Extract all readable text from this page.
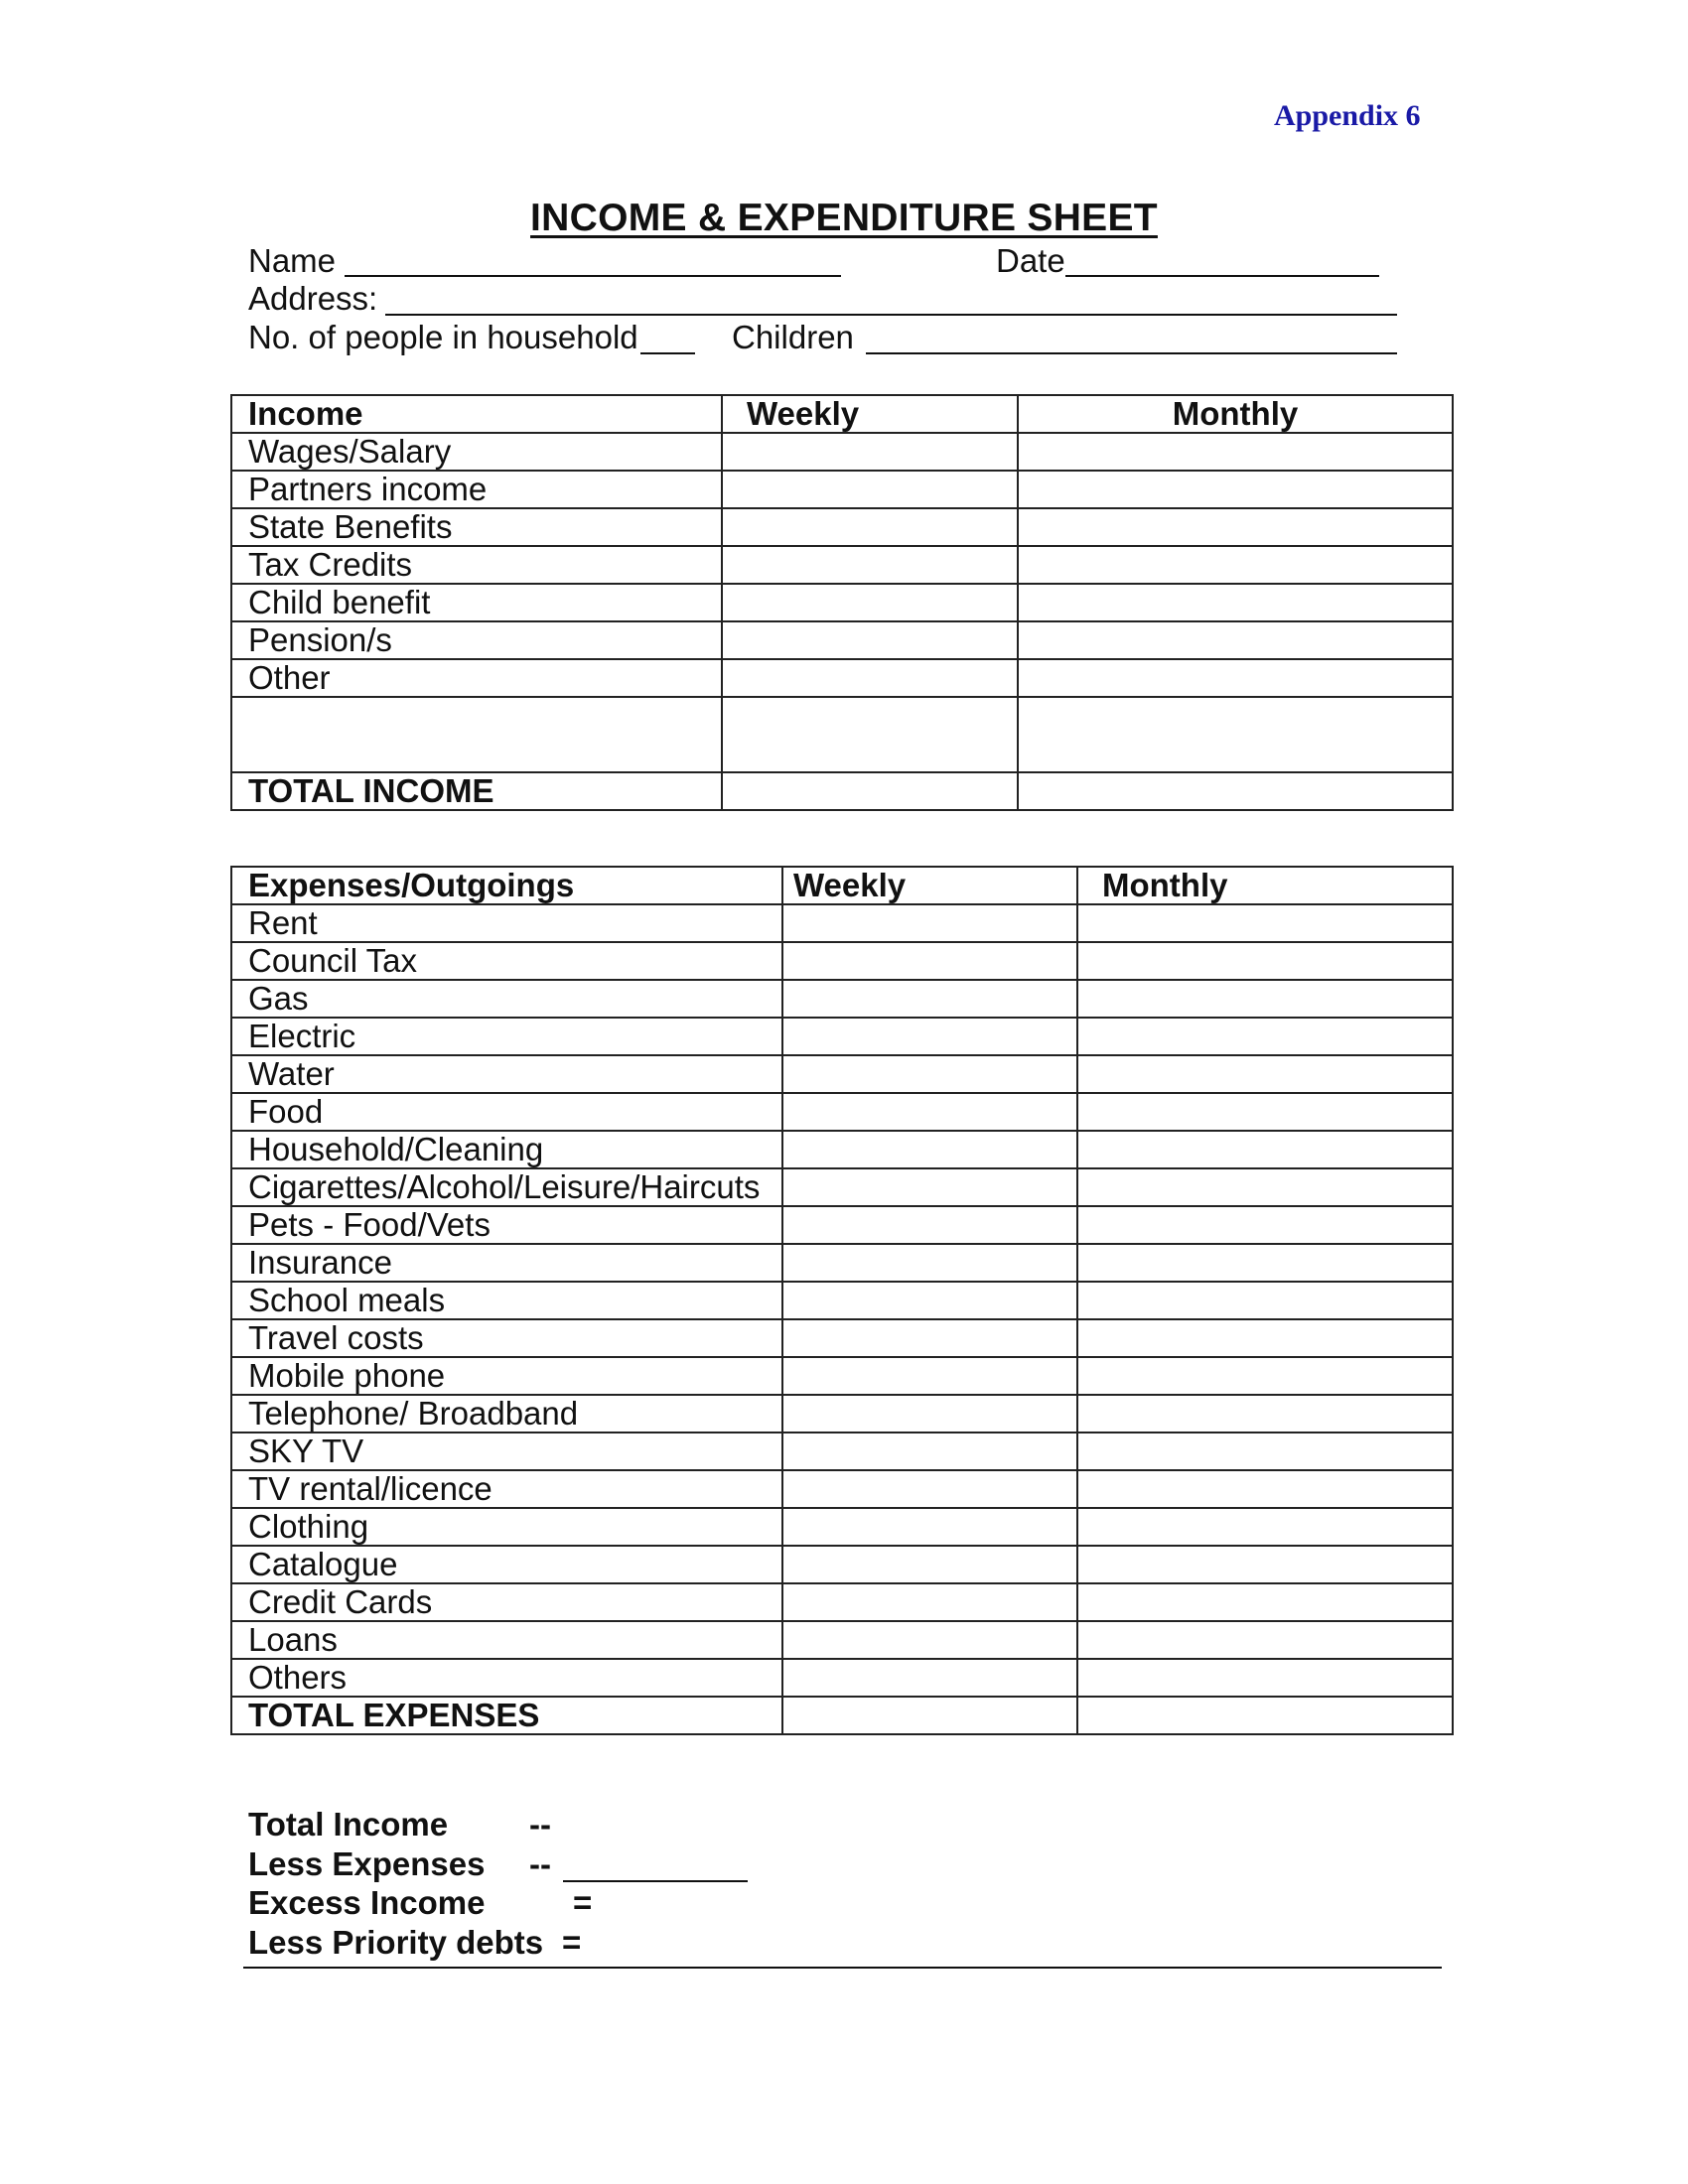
Appendix 6
INCOME & EXPENDITURE SHEET
Name	Date
Address:
No. of people in household	Children
Income	Weekly	Monthly
Wages/Salary		
Partners income		
State Benefits		
Tax Credits		
Child benefit		
Pension/s		
Other		

TOTAL INCOME		
Expenses/Outgoings	Weekly	Monthly
Rent		
Council Tax		
Gas		
Electric		
Water		
Food		
Household/Cleaning		
Cigarettes/Alcohol/Leisure/Haircuts		
Pets - Food/Vets		
Insurance		
School meals		
Travel costs		
Mobile phone		
Telephone/ Broadband		
SKY TV		
TV rental/licence		
Clothing		
Catalogue		
Credit Cards		
Loans		
Others		
TOTAL EXPENSES		
Total Income --
Less Expenses --
Excess Income	=
Less Priority debts =
